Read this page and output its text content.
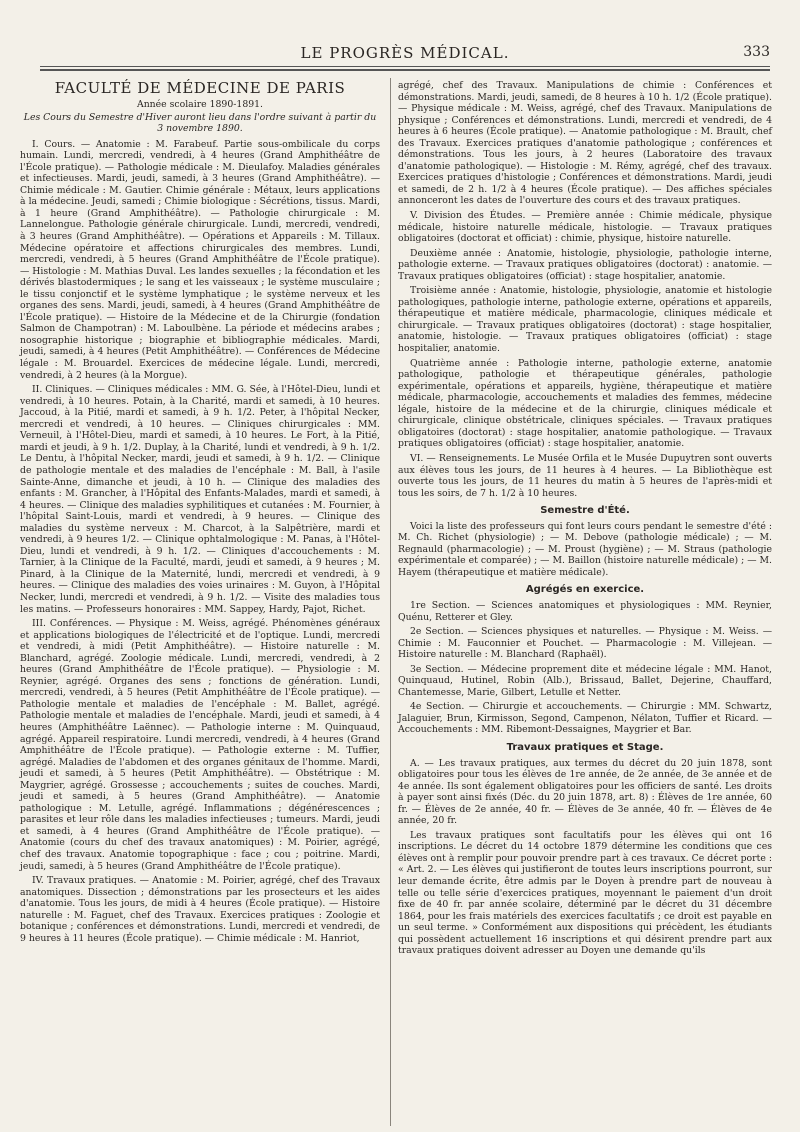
LE PROGRÈS MÉDICAL.	333
FACULTÉ DE MÉDECINE DE PARIS
Année scolaire 1890-1891.
Les Cours du Semestre d'Hiver auront lieu dans l'ordre suivant à partir du 3 novembre 1890.

I. Cours. — Anatomie : M. Farabeuf. Partie sous-ombilicale du corps humain. Lundi, mercredi, vendredi, à 4 heures (Grand Amphithéâtre de l'École pratique). — Pathologie médicale : M. Dieulafoy. Maladies générales et infectieuses. Mardi, jeudi, samedi, à 3 heures (Grand Amphithéâtre). — Chimie médicale : M. Gautier. Chimie générale : Métaux, leurs applications à la médecine. Jeudi, samedi ; Chimie biologique : Sécrétions, tissus. Mardi, à 1 heure (Grand Amphithéâtre). — Pathologie chirurgicale : M. Lannelongue. Pathologie générale chirurgicale. Lundi, mercredi, vendredi, à 3 heures (Grand Amphithéâtre). — Opérations et Appareils : M. Tillaux. Médecine opératoire et affections chirurgicales des membres. Lundi, mercredi, vendredi, à 5 heures (Grand Amphithéâtre de l'École pratique). — Histologie : M. Mathias Duval. Les landes sexuelles ; la fécondation et les dérivés blastodermiques ; le sang et les vaisseaux ; le système musculaire ; le tissu conjonctif et le système lymphatique ; le système nerveux et les organes des sens. Mardi, jeudi, samedi, à 4 heures (Grand Amphithéâtre de l'École pratique). — Histoire de la Médecine et de la Chirurgie (fondation Salmon de Champotran) : M. Laboulbène. La période et médecins arabes ; nosographie historique ; biographie et bibliographie médicales. Mardi, jeudi, samedi, à 4 heures (Petit Amphithéâtre). — Conférences de Médecine légale : M. Brouardel. Exercices de médecine légale. Lundi, mercredi, vendredi, à 2 heures (à la Morgue).

II. Cliniques. — Cliniques médicales : MM. G. Sée, à l'Hôtel-Dieu, lundi et vendredi, à 10 heures. Potain, à la Charité, mardi et samedi, à 10 heures. Jaccoud, à la Pitié, mardi et samedi, à 9 h. 1/2. Peter, à l'hôpital Necker, mercredi et vendredi, à 10 heures. — Cliniques chirurgicales : MM. Verneuil, à l'Hôtel-Dieu, mardi et samedi, à 10 heures. Le Fort, à la Pitié, mardi et jeudi, à 9 h. 1/2. Duplay, à la Charité, lundi et vendredi, à 9 h. 1/2. Le Dentu, à l'hôpital Necker, mardi, jeudi et samedi, à 9 h. 1/2. — Clinique de pathologie mentale et des maladies de l'encéphale : M. Ball, à l'asile Sainte-Anne, dimanche et jeudi, à 10 h. — Clinique des maladies des enfants : M. Grancher, à l'Hôpital des Enfants-Malades, mardi et samedi, à 4 heures. — Clinique des maladies syphilitiques et cutanées : M. Fournier, à l'hôpital Saint-Louis, mardi et vendredi, à 9 heures. — Clinique des maladies du système nerveux : M. Charcot, à la Salpêtrière, mardi et vendredi, à 9 heures 1/2. — Clinique ophtalmologique : M. Panas, à l'Hôtel-Dieu, lundi et vendredi, à 9 h. 1/2. — Cliniques d'accouchements : M. Tarnier, à la Clinique de la Faculté, mardi, jeudi et samedi, à 9 heures ; M. Pinard, à la Clinique de la Maternité, lundi, mercredi et vendredi, à 9 heures. — Clinique des maladies des voies urinaires : M. Guyon, à l'Hôpital Necker, lundi, mercredi et vendredi, à 9 h. 1/2. — Visite des maladies tous les matins. — Professeurs honoraires : MM. Sappey, Hardy, Pajot, Richet.

III. Conférences. — Physique : M. Weiss, agrégé. Phénomènes généraux et applications biologiques de l'électricité et de l'optique. Lundi, mercredi et vendredi, à midi (Petit Amphithéâtre). — Histoire naturelle : M. Blanchard, agrégé. Zoologie médicale. Lundi, mercredi, vendredi, à 2 heures (Grand Amphithéâtre de l'École pratique). — Physiologie : M. Reynier, agrégé. Organes des sens ; fonctions de génération. Lundi, mercredi, vendredi, à 5 heures (Petit Amphithéâtre de l'École pratique). — Pathologie mentale et maladies de l'encéphale : M. Ballet, agrégé. Pathologie mentale et maladies de l'encéphale. Mardi, jeudi et samedi, à 4 heures (Amphithéâtre Laënnec). — Pathologie interne : M. Quinquaud, agrégé. Appareil respiratoire. Lundi mercredi, vendredi, à 4 heures (Grand Amphithéâtre de l'École pratique). — Pathologie externe : M. Tuffier, agrégé. Maladies de l'abdomen et des organes génitaux de l'homme. Mardi, jeudi et samedi, à 5 heures (Petit Amphithéâtre). — Obstétrique : M. Maygrier, agrégé. Grossesse ; accouchements ; suites de couches. Mardi, jeudi et samedi, à 5 heures (Grand Amphithéâtre). — Anatomie pathologique : M. Letulle, agrégé. Inflammations ; dégénérescences ; parasites et leur rôle dans les maladies infectieuses ; tumeurs. Mardi, jeudi et samedi, à 4 heures (Grand Amphithéâtre de l'École pratique). — Anatomie (cours du chef des travaux anatomiques) : M. Poirier, agrégé, chef des travaux. Anatomie topographique : face ; cou ; poitrine. Mardi, jeudi, samedi, à 5 heures (Grand Amphithéâtre de l'École pratique).

IV. Travaux pratiques. — Anatomie : M. Poirier, agrégé, chef des Travaux anatomiques. Dissection ; démonstrations par les prosecteurs et les aides d'anatomie. Tous les jours, de midi à 4 heures (École pratique). — Histoire naturelle : M. Faguet, chef des Travaux. Exercices pratiques : Zoologie et botanique ; conférences et démonstrations. Lundi, mercredi et vendredi, de 9 heures à 11 heures (École pratique). — Chimie médicale : M. Hanriot,

agrégé, chef des Travaux. Manipulations de chimie : Conférences et démonstrations. Mardi, jeudi, samedi, de 8 heures à 10 h. 1/2 (École pratique). — Physique médicale : M. Weiss, agrégé, chef des Travaux. Manipulations de physique ; Conférences et démonstrations. Lundi, mercredi et vendredi, de 4 heures à 6 heures (École pratique). — Anatomie pathologique : M. Brault, chef des Travaux. Exercices pratiques d'anatomie pathologique ; conférences et démonstrations. Tous les jours, à 2 heures (Laboratoire des travaux d'anatomie pathologique). — Histologie : M. Rémy, agrégé, chef des travaux. Exercices pratiques d'histologie ; Conférences et démonstrations. Mardi, jeudi et samedi, de 2 h. 1/2 à 4 heures (École pratique). — Des affiches spéciales annonceront les dates de l'ouverture des cours et des travaux pratiques.

V. Division des Études. — Première année : Chimie médicale, physique médicale, histoire naturelle médicale, histologie. — Travaux pratiques obligatoires (doctorat et officiat) : chimie, physique, histoire naturelle.

Deuxième année : Anatomie, histologie, physiologie, pathologie interne, pathologie externe. — Travaux pratiques obligatoires (doctorat) : anatomie. — Travaux pratiques obligatoires (officiat) : stage hospitalier, anatomie.

Troisième année : Anatomie, histologie, physiologie, anatomie et histologie pathologiques, pathologie interne, pathologie externe, opérations et appareils, thérapeutique et matière médicale, pharmacologie, cliniques médicale et chirurgicale. — Travaux pratiques obligatoires (doctorat) : stage hospitalier, anatomie, histologie. — Travaux pratiques obligatoires (officiat) : stage hospitalier, anatomie.

Quatrième année : Pathologie interne, pathologie externe, anatomie pathologique, pathologie et thérapeutique générales, pathologie expérimentale, opérations et appareils, hygiène, thérapeutique et matière médicale, pharmacologie, accouchements et maladies des femmes, médecine légale, histoire de la médecine et de la chirurgie, cliniques médicale et chirurgicale, clinique obstétricale, cliniques spéciales. — Travaux pratiques obligatoires (doctorat) : stage hospitalier, anatomie pathologique. — Travaux pratiques obligatoires (officiat) : stage hospitalier, anatomie.

VI. — Renseignements. Le Musée Orfila et le Musée Dupuytren sont ouverts aux élèves tous les jours, de 11 heures à 4 heures. — La Bibliothèque est ouverte tous les jours, de 11 heures du matin à 5 heures de l'après-midi et tous les soirs, de 7 h. 1/2 à 10 heures.

Semestre d'Été.

Voici la liste des professeurs qui font leurs cours pendant le semestre d'été : M. Ch. Richet (physiologie) ; — M. Debove (pathologie médicale) ; — M. Regnauld (pharmacologie) ; — M. Proust (hygiène) ; — M. Straus (pathologie expérimentale et comparée) ; — M. Baillon (histoire naturelle médicale) ; — M. Hayem (thérapeutique et matière médicale).

Agrégés en exercice.

1re Section. — Sciences anatomiques et physiologiques : MM. Reynier, Quénu, Retterer et Gley.

2e Section. — Sciences physiques et naturelles. — Physique : M. Weiss. — Chimie : M. Fauconnier et Pouchet. — Pharmacologie : M. Villejean. — Histoire naturelle : M. Blanchard (Raphaël).

3e Section. — Médecine proprement dite et médecine légale : MM. Hanot, Quinquaud, Hutinel, Robin (Alb.), Brissaud, Ballet, Dejerine, Chauffard, Chantemesse, Marie, Gilbert, Letulle et Netter.

4e Section. — Chirurgie et accouchements. — Chirurgie : MM. Schwartz, Jalaguier, Brun, Kirmisson, Segond, Campenon, Nélaton, Tuffier et Ricard. — Accouchements : MM. Ribemont-Dessaignes, Maygrier et Bar.

Travaux pratiques et Stage.

A. — Les travaux pratiques, aux termes du décret du 20 juin 1878, sont obligatoires pour tous les élèves de 1re année, de 2e année, de 3e année et de 4e année. Ils sont également obligatoires pour les officiers de santé. Les droits à payer sont ainsi fixés (Déc. du 20 juin 1878, art. 8) : Élèves de 1re année, 60 fr. — Élèves de 2e année, 40 fr. — Élèves de 3e année, 40 fr. — Élèves de 4e année, 20 fr.

Les travaux pratiques sont facultatifs pour les élèves qui ont 16 inscriptions. Le décret du 14 octobre 1879 détermine les conditions que ces élèves ont à remplir pour pouvoir prendre part à ces travaux. Ce décret porte : « Art. 2. — Les élèves qui justifieront de toutes leurs inscriptions pourront, sur leur demande écrite, être admis par le Doyen à prendre part de nouveau à telle ou telle série d'exercices pratiques, moyennant le paiement d'un droit fixe de 40 fr. par année scolaire, déterminé par le décret du 31 décembre 1864, pour les frais matériels des exercices facultatifs ; ce droit est payable en un seul terme. » Conformément aux dispositions qui précèdent, les étudiants qui possèdent actuellement 16 inscriptions et qui désirent prendre part aux travaux pratiques doivent adresser au Doyen une demande qu'ils
